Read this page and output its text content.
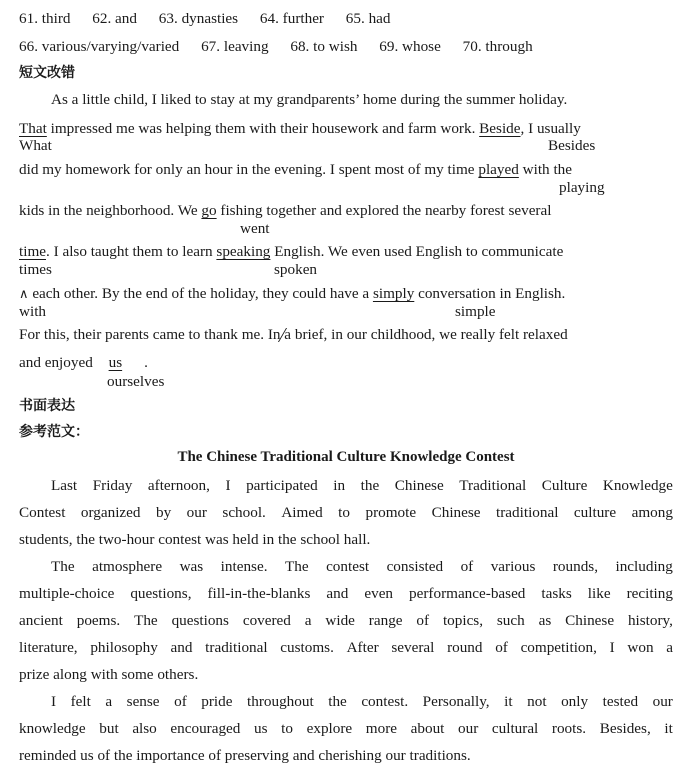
61. third 62. and 63. dynasties 64. further 65. had
66. various/varying/varied 67. leaving 68. to wish 69. whose 70. through
短文改错
As a little child, I liked to stay at my grandparents’ home during the summer holiday.
That impressed me was helping them with their housework and farm work. Beside, I usually
What	Besides
did my homework for only an hour in the evening. I spent most of my time played with the
playing
kids in the neighborhood. We go fishing together and explored the nearby forest several
went
time. I also taught them to learn speaking English. We even used English to communicate
times	spoken
∧ each other. By the end of the holiday, they could have a simply conversation in English.
with	simple
For this, their parents came to thank me. In a brief, in our childhood, we really felt relaxed
and enjoyed us .
ourselves
书面表达
参考范文：
The Chinese Traditional Culture Knowledge Contest
Last Friday afternoon, I participated in the Chinese Traditional Culture Knowledge
Contest organized by our school. Aimed to promote Chinese traditional culture among
students, the two-hour contest was held in the school hall.
The atmosphere was intense. The contest consisted of various rounds, including
multiple-choice questions, fill-in-the-blanks and even performance-based tasks like reciting
ancient poems. The questions covered a wide range of topics, such as Chinese history,
literature, philosophy and traditional customs. After several round of competition, I won a
prize along with some others.
I felt a sense of pride throughout the contest. Personally, it not only tested our
knowledge but also encouraged us to explore more about our cultural roots. Besides, it
reminded us of the importance of preserving and cherishing our traditions.
